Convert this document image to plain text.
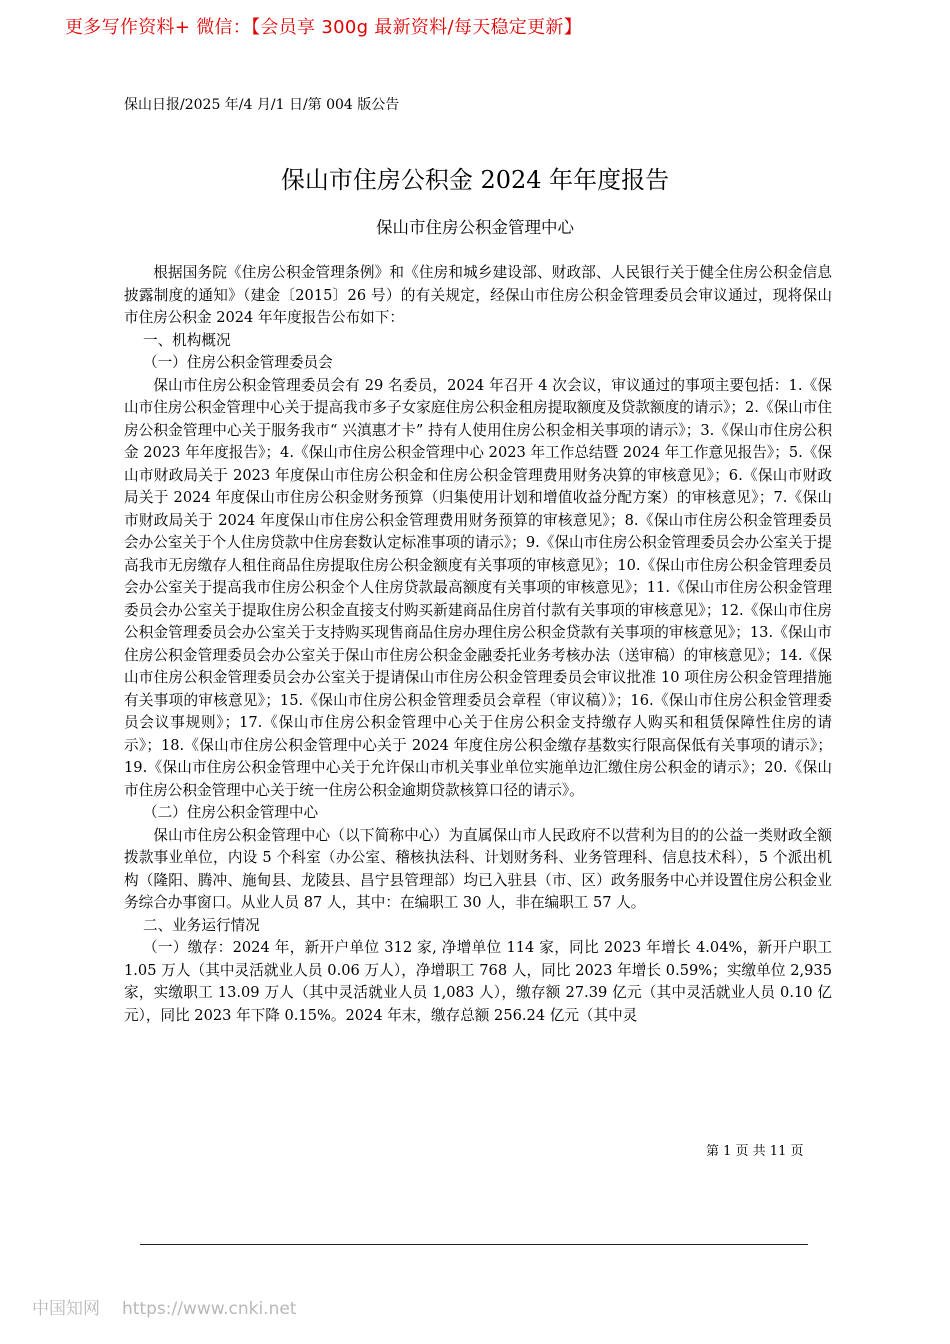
更多写作资料+ 微信：【会员享 300g 最新资料/每天稳定更新】
保山日报/2025 年/4 月/1 日/第 004 版公告
保山市住房公积金 2024 年年度报告
保山市住房公积金管理中心

根据国务院《住房公积金管理条例》和《住房和城乡建设部、财政部、人民银行关于健全住房公积金信息披露制度的通知》（建金〔2015〕26 号）的有关规定，经保山市住房公积金管理委员会审议通过，现将保山市住房公积金 2024 年年度报告公布如下：

一、机构概况

（一）住房公积金管理委员会

保山市住房公积金管理委员会有 29 名委员，2024 年召开 4 次会议，审议通过的事项主要包括：1.《保山市住房公积金管理中心关于提高我市多子女家庭住房公积金租房提取额度及贷款额度的请示》；2.《保山市住房公积金管理中心关于服务我市“ 兴滇惠才卡” 持有人使用住房公积金相关事项的请示》；3.《保山市住房公积金 2023 年年度报告》；4.《保山市住房公积金管理中心 2023 年工作总结暨 2024 年工作意见报告》；5.《保山市财政局关于 2023 年度保山市住房公积金和住房公积金管理费用财务决算的审核意见》；6.《保山市财政局关于 2024 年度保山市住房公积金财务预算（归集使用计划和增值收益分配方案）的审核意见》；7.《保山市财政局关于 2024 年度保山市住房公积金管理费用财务预算的审核意见》；8.《保山市住房公积金管理委员会办公室关于个人住房贷款中住房套数认定标准事项的请示》；9.《保山市住房公积金管理委员会办公室关于提高我市无房缴存人租住商品住房提取住房公积金额度有关事项的审核意见》；10.《保山市住房公积金管理委员会办公室关于提高我市住房公积金个人住房贷款最高额度有关事项的审核意见》；11.《保山市住房公积金管理委员会办公室关于提取住房公积金直接支付购买新建商品住房首付款有关事项的审核意见》；12.《保山市住房公积金管理委员会办公室关于支持购买现售商品住房办理住房公积金贷款有关事项的审核意见》；13.《保山市住房公积金管理委员会办公室关于保山市住房公积金金融委托业务考核办法（送审稿）的审核意见》；14.《保山市住房公积金管理委员会办公室关于提请保山市住房公积金管理委员会审议批准 10 项住房公积金管理措施有关事项的审核意见》；15.《保山市住房公积金管理委员会章程（审议稿）》；16.《保山市住房公积金管理委员会议事规则》；17.《保山市住房公积金管理中心关于住房公积金支持缴存人购买和租赁保障性住房的请示》；18.《保山市住房公积金管理中心关于 2024 年度住房公积金缴存基数实行限高保低有关事项的请示》；19.《保山市住房公积金管理中心关于允许保山市机关事业单位实施单边汇缴住房公积金的请示》；20.《保山市住房公积金管理中心关于统一住房公积金逾期贷款核算口径的请示》。

（二）住房公积金管理中心

保山市住房公积金管理中心（以下简称中心）为直属保山市人民政府不以营利为目的的公益一类财政全额拨款事业单位，内设 5 个科室（办公室、稽核执法科、计划财务科、业务管理科、信息技术科），5 个派出机构（隆阳、腾冲、施甸县、龙陵县、昌宁县管理部）均已入驻县（市、区）政务服务中心并设置住房公积金业务综合办事窗口。从业人员 87 人，其中：在编职工 30 人，非在编职工 57 人。

二、业务运行情况

（一）缴存：2024 年，新开户单位 312 家, 净增单位 114 家，同比 2023 年增长 4.04%，新开户职工 1.05 万人（其中灵活就业人员 0.06 万人），净增职工 768 人，同比 2023 年增长 0.59%；实缴单位 2,935 家，实缴职工 13.09 万人（其中灵活就业人员 1,083 人），缴存额 27.39 亿元（其中灵活就业人员 0.10 亿元），同比 2023 年下降 0.15%。2024 年末，缴存总额 256.24 亿元（其中灵

第 1 页 共 11 页
中国知网 https://www.cnki.net
